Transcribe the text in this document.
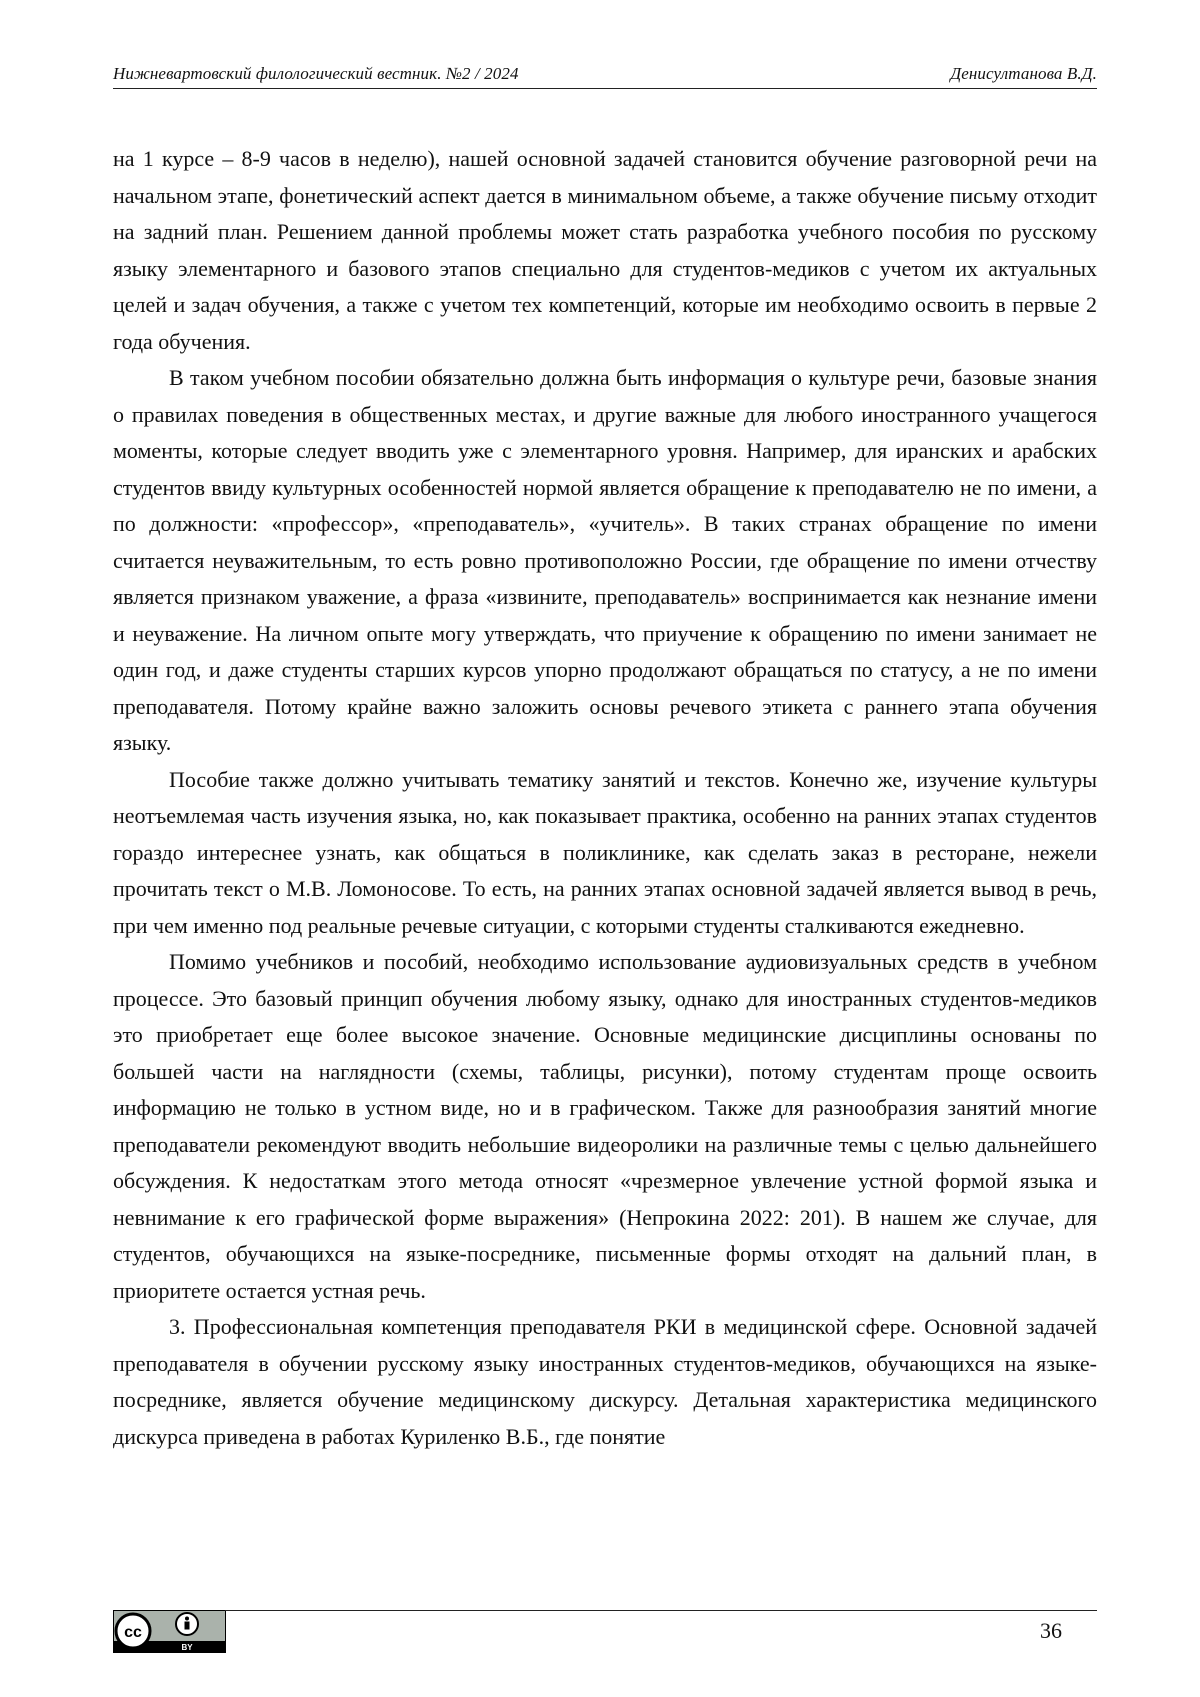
Нижневартовский филологический вестник. №2 / 2024	Денисултанова В.Д.

на 1 курсе – 8-9 часов в неделю), нашей основной задачей становится обучение разговорной речи на начальном этапе, фонетический аспект дается в минимальном объеме, а также обучение письму отходит на задний план. Решением данной проблемы может стать разработка учебного пособия по русскому языку элементарного и базового этапов специально для студентов-медиков с учетом их актуальных целей и задач обучения, а также с учетом тех компетенций, которые им необходимо освоить в первые 2 года обучения.

В таком учебном пособии обязательно должна быть информация о культуре речи, базовые знания о правилах поведения в общественных местах, и другие важные для любого иностранного учащегося моменты, которые следует вводить уже с элементарного уровня. Например, для иранских и арабских студентов ввиду культурных особенностей нормой является обращение к преподавателю не по имени, а по должности: «профессор», «преподаватель», «учитель». В таких странах обращение по имени считается неуважительным, то есть ровно противоположно России, где обращение по имени отчеству является признаком уважение, а фраза «извините, преподаватель» воспринимается как незнание имени и неуважение. На личном опыте могу утверждать, что приучение к обращению по имени занимает не один год, и даже студенты старших курсов упорно продолжают обращаться по статусу, а не по имени преподавателя. Потому крайне важно заложить основы речевого этикета с раннего этапа обучения языку.

Пособие также должно учитывать тематику занятий и текстов. Конечно же, изучение культуры неотъемлемая часть изучения языка, но, как показывает практика, особенно на ранних этапах студентов гораздо интереснее узнать, как общаться в поликлинике, как сделать заказ в ресторане, нежели прочитать текст о М.В. Ломоносове. То есть, на ранних этапах основной задачей является вывод в речь, при чем именно под реальные речевые ситуации, с которыми студенты сталкиваются ежедневно.

Помимо учебников и пособий, необходимо использование аудиовизуальных средств в учебном процессе. Это базовый принцип обучения любому языку, однако для иностранных студентов-медиков это приобретает еще более высокое значение. Основные медицинские дисциплины основаны по большей части на наглядности (схемы, таблицы, рисунки), потому студентам проще освоить информацию не только в устном виде, но и в графическом. Также для разнообразия занятий многие преподаватели рекомендуют вводить небольшие видеоролики на различные темы с целью дальнейшего обсуждения. К недостаткам этого метода относят «чрезмерное увлечение устной формой языка и невнимание к его графической форме выражения» (Непрокина 2022: 201). В нашем же случае, для студентов, обучающихся на языке-посреднике, письменные формы отходят на дальний план, в приоритете остается устная речь.

3. Профессиональная компетенция преподавателя РКИ в медицинской сфере. Основной задачей преподавателя в обучении русскому языку иностранных студентов-медиков, обучающихся на языке-посреднике, является обучение медицинскому дискурсу. Детальная характеристика медицинского дискурса приведена в работах Куриленко В.Б., где понятие

cc
BY
36
